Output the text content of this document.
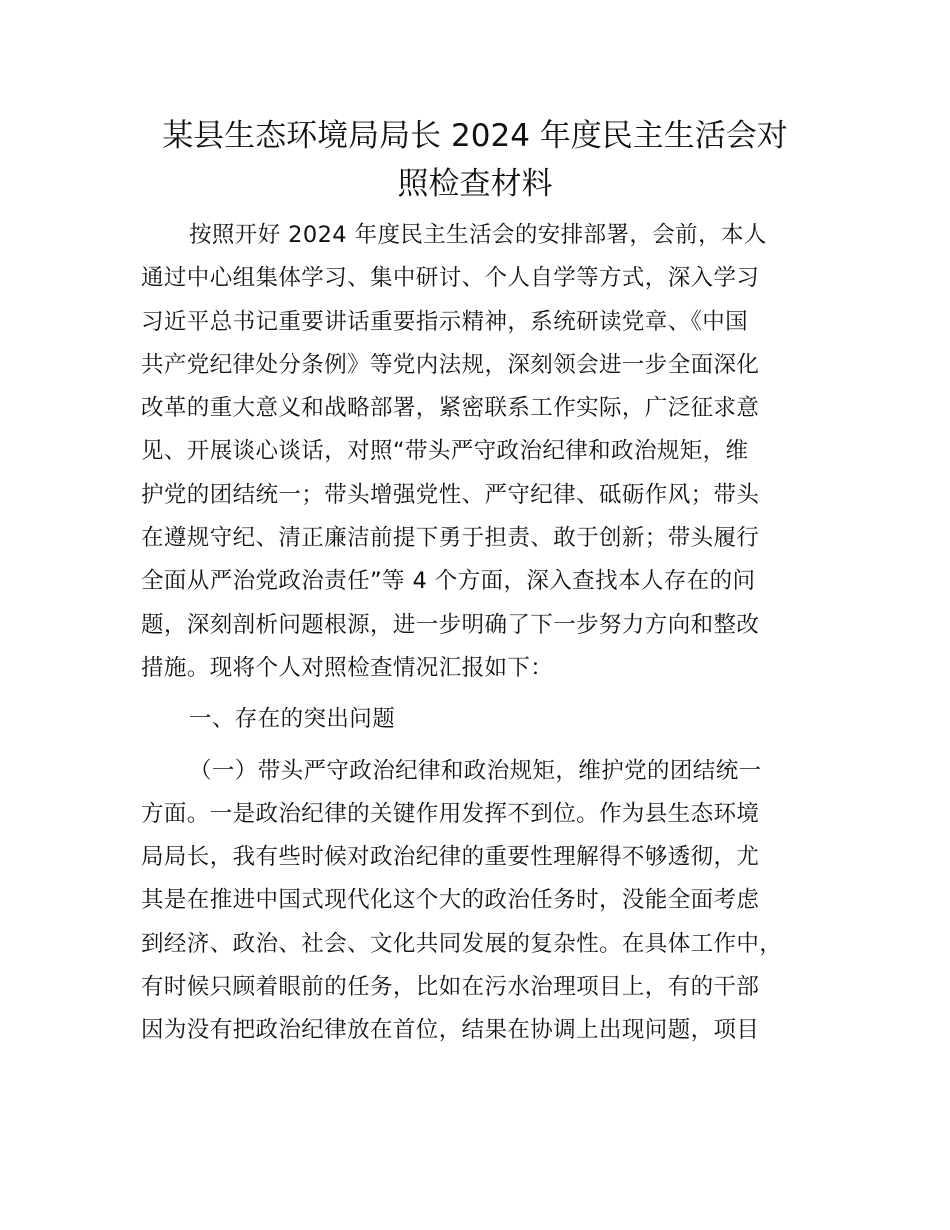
某县生态环境局局长 2024 年度民主生活会对
照检查材料
按照开好 2024 年度民主生活会的安排部署，会前，本人
通过中心组集体学习、集中研讨、个人自学等方式，深入学习
习近平总书记重要讲话重要指示精神，系统研读党章、《中国
共产党纪律处分条例》等党内法规，深刻领会进一步全面深化
改革的重大意义和战略部署，紧密联系工作实际，广泛征求意
见、开展谈心谈话，对照“带头严守政治纪律和政治规矩，维
护党的团结统一；带头增强党性、严守纪律、砥砺作风；带头
在遵规守纪、清正廉洁前提下勇于担责、敢于创新；带头履行
全面从严治党政治责任”等 4 个方面，深入查找本人存在的问
题，深刻剖析问题根源，进一步明确了下一步努力方向和整改
措施。现将个人对照检查情况汇报如下：
一、存在的突出问题
（一）带头严守政治纪律和政治规矩，维护党的团结统一
方面。一是政治纪律的关键作用发挥不到位。作为县生态环境
局局长，我有些时候对政治纪律的重要性理解得不够透彻，尤
其是在推进中国式现代化这个大的政治任务时，没能全面考虑
到经济、政治、社会、文化共同发展的复杂性。在具体工作中，
有时候只顾着眼前的任务，比如在污水治理项目上，有的干部
因为没有把政治纪律放在首位，结果在协调上出现问题，项目
